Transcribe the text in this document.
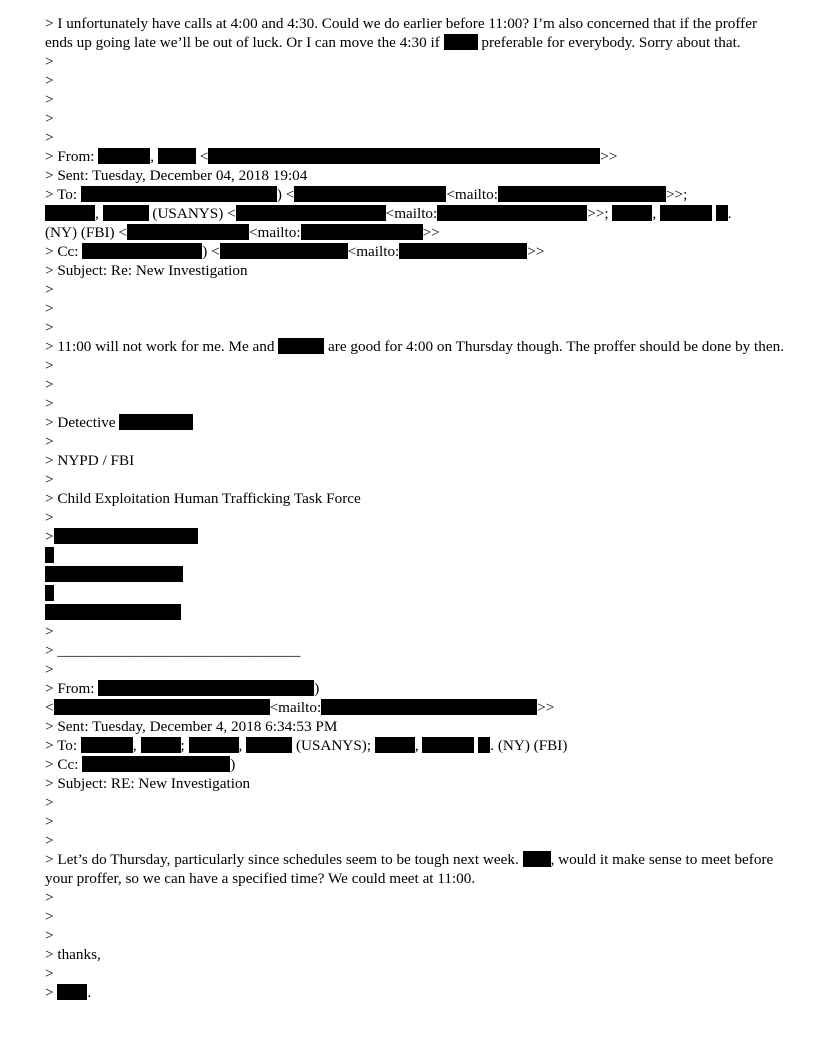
> I unfortunately have calls at 4:00 and 4:30. Could we do earlier before 11:00? I’m also concerned that if the proffer ends up going late we’ll be out of luck. Or I can move the 4:30 if	preferable for everybody. Sorry about that.
>
>
>
>
>
> From:	,	<	>>
> Sent: Tuesday, December 04, 2018 19:04
> To:	) <	<mailto:	>>;
,	(USANYS) <	<mailto:	>>;	,	.
(NY) (FBI) <	<mailto:	>>
> Cc:	) <	<mailto:	>>
> Subject: Re: New Investigation
>
>
>
> 11:00 will not work for me. Me and	are good for 4:00 on Thursday though. The proffer should be done by then.
>
>
>
> Detective
>
> NYPD / FBI
>
> Child Exploitation Human Trafficking Task Force
>
>
>
> ________________________________
>
> From:	)
<	<mailto:	>>
> Sent: Tuesday, December 4, 2018 6:34:53 PM
> To:	,	;	,	(USANYS);	,	. (NY) (FBI)
> Cc:	)
> Subject: RE: New Investigation
>
>
>
> Let’s do Thursday, particularly since schedules seem to be tough next week. , would it make sense to meet before your proffer, so we can have a specified time? We could meet at 11:00.
>
>
>
> thanks,
>
> .
